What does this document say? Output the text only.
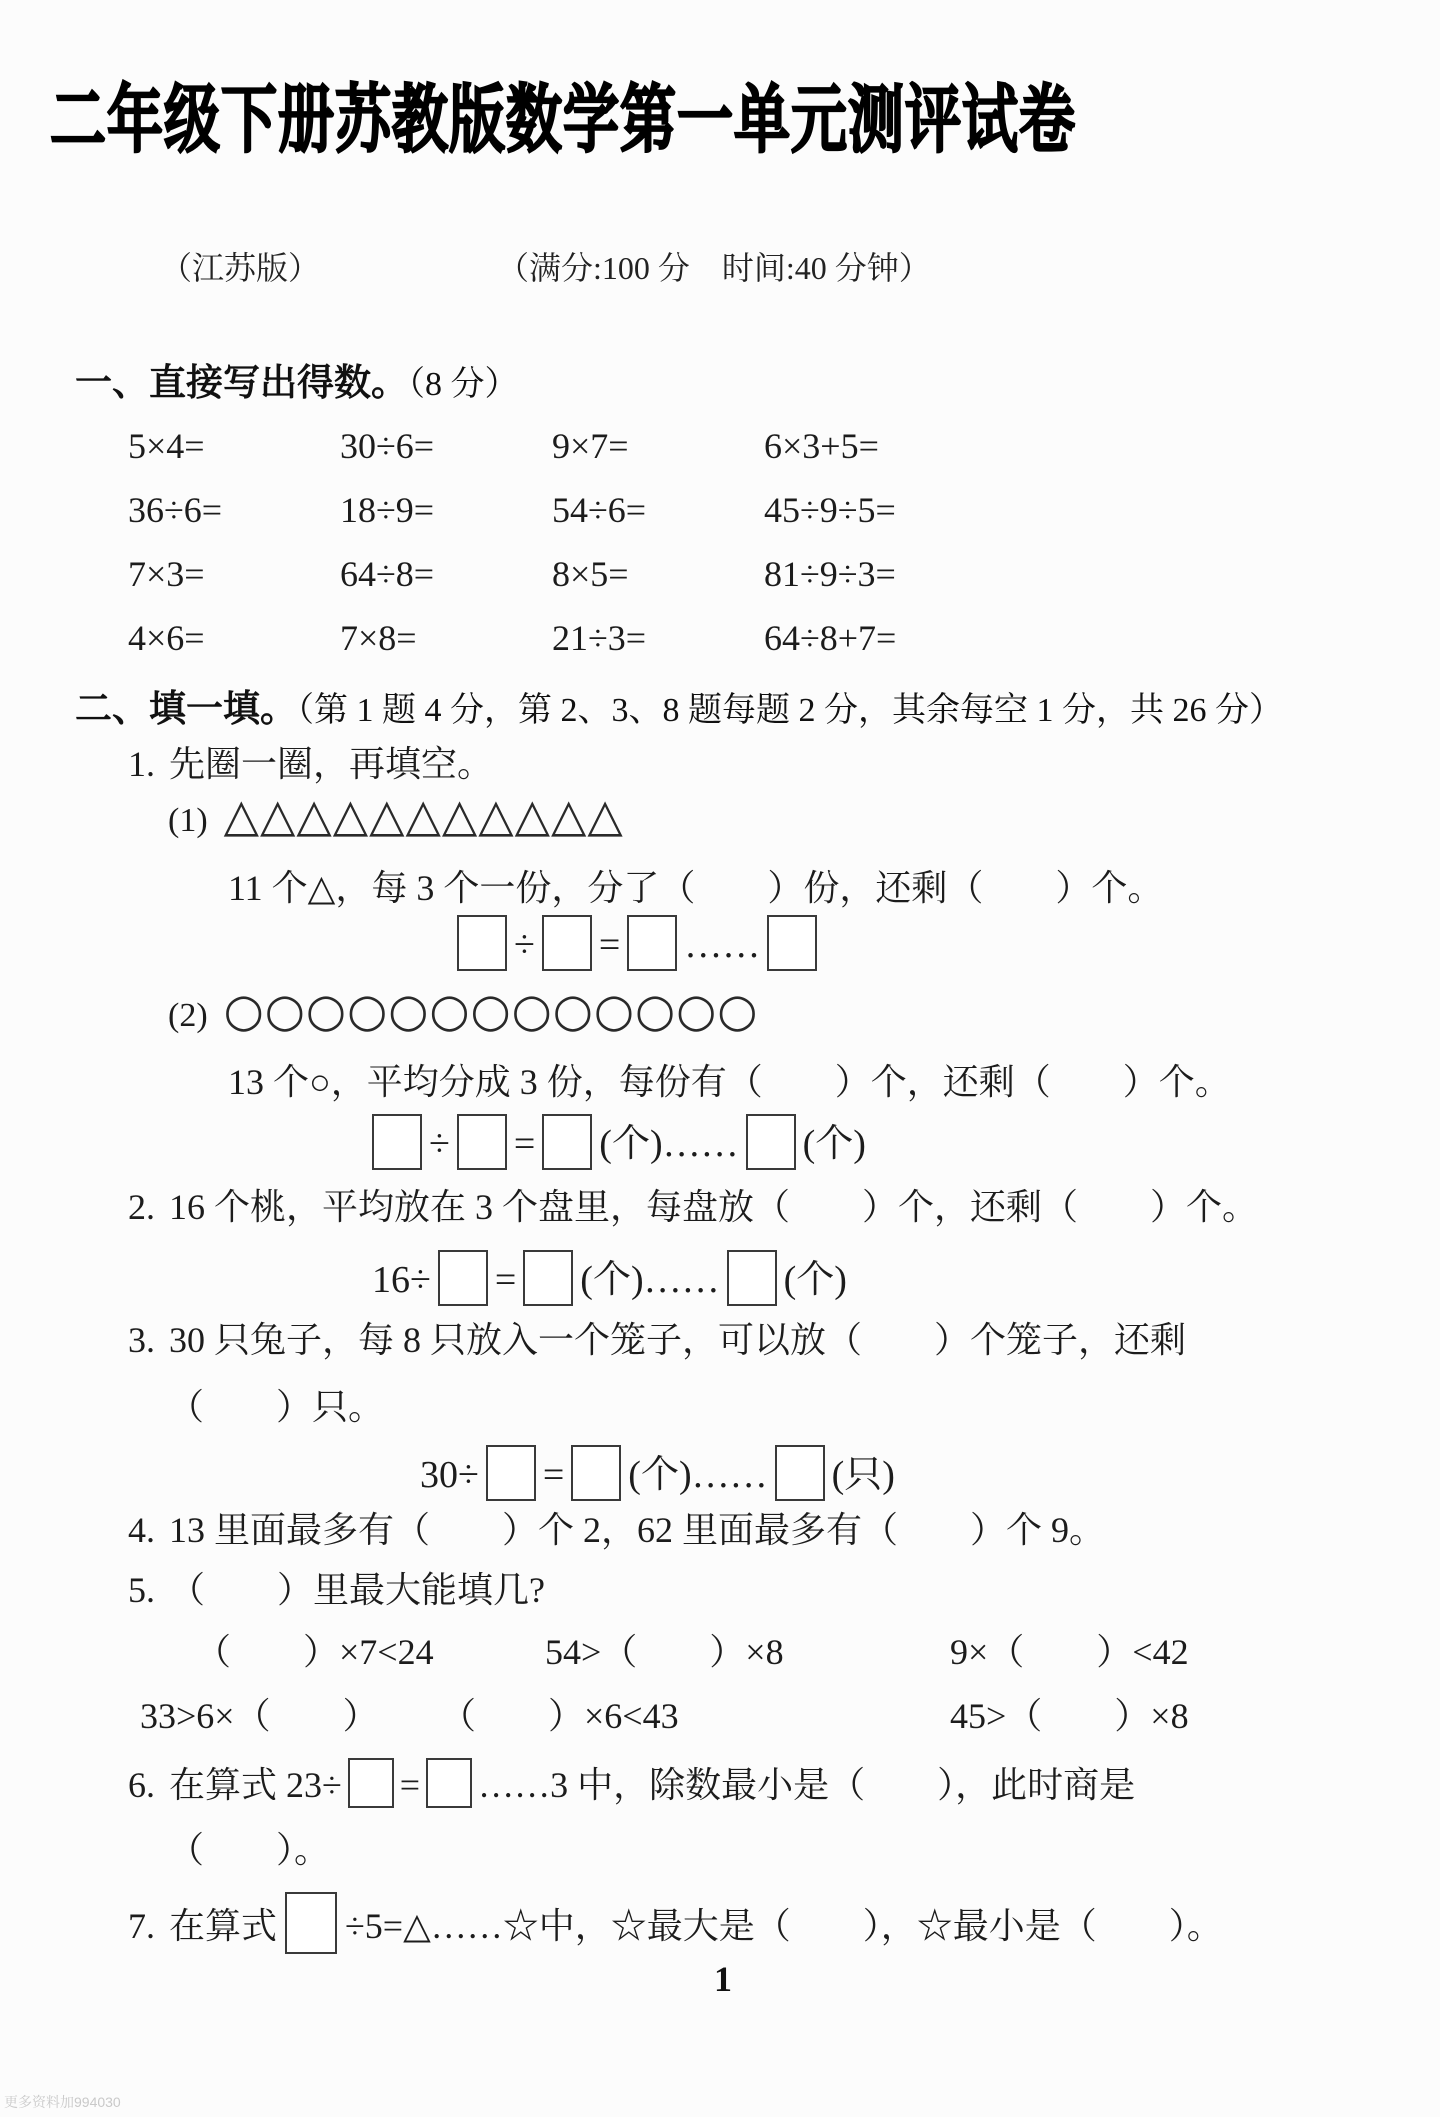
二年级下册苏教版数学第一单元测评试卷
（江苏版）	（满分:100 分　时间:40 分钟）
一、直接写出得数。（8 分）
5×4=	30÷6=	9×7=	6×3+5=
36÷6=	18÷9=	54÷6=	45÷9÷5=
7×3=	64÷8=	8×5=	81÷9÷3=
4×6=	7×8=	21÷3=	64÷8+7=
二、填一填。（第 1 题 4 分，第 2、3、8 题每题 2 分，其余每空 1 分，共 26 分）
1. 先圈一圈，再填空。
(1) △△△△△△△△△△△
11 个△，每 3 个一份，分了（　　）份，还剩（　　）个。
÷ = ……
(2) ○○○○○○○○○○○○○
13 个○，平均分成 3 份，每份有（　　）个，还剩（　　）个。
÷ = (个)…… (个)
2. 16 个桃，平均放在 3 个盘里，每盘放（　　）个，还剩（　　）个。
16÷ = (个)…… (个)
3. 30 只兔子，每 8 只放入一个笼子，可以放（　　）个笼子，还剩
（　　）只。
30÷ = (个)…… (只)
4. 13 里面最多有（　　）个 2，62 里面最多有（　　）个 9。
5. （　　）里最大能填几?
（　　）×7<24	54>（　　）×8	9×（　　）<42
33>6×（　　） （　　）×6<43	45>（　　）×8
6. 在算式 23÷ = ……3 中，除数最小是（　　），此时商是
（　　）。
7. 在算式 ÷5=△……☆中，☆最大是（　　），☆最小是（　　）。
1
更多资料加994030
